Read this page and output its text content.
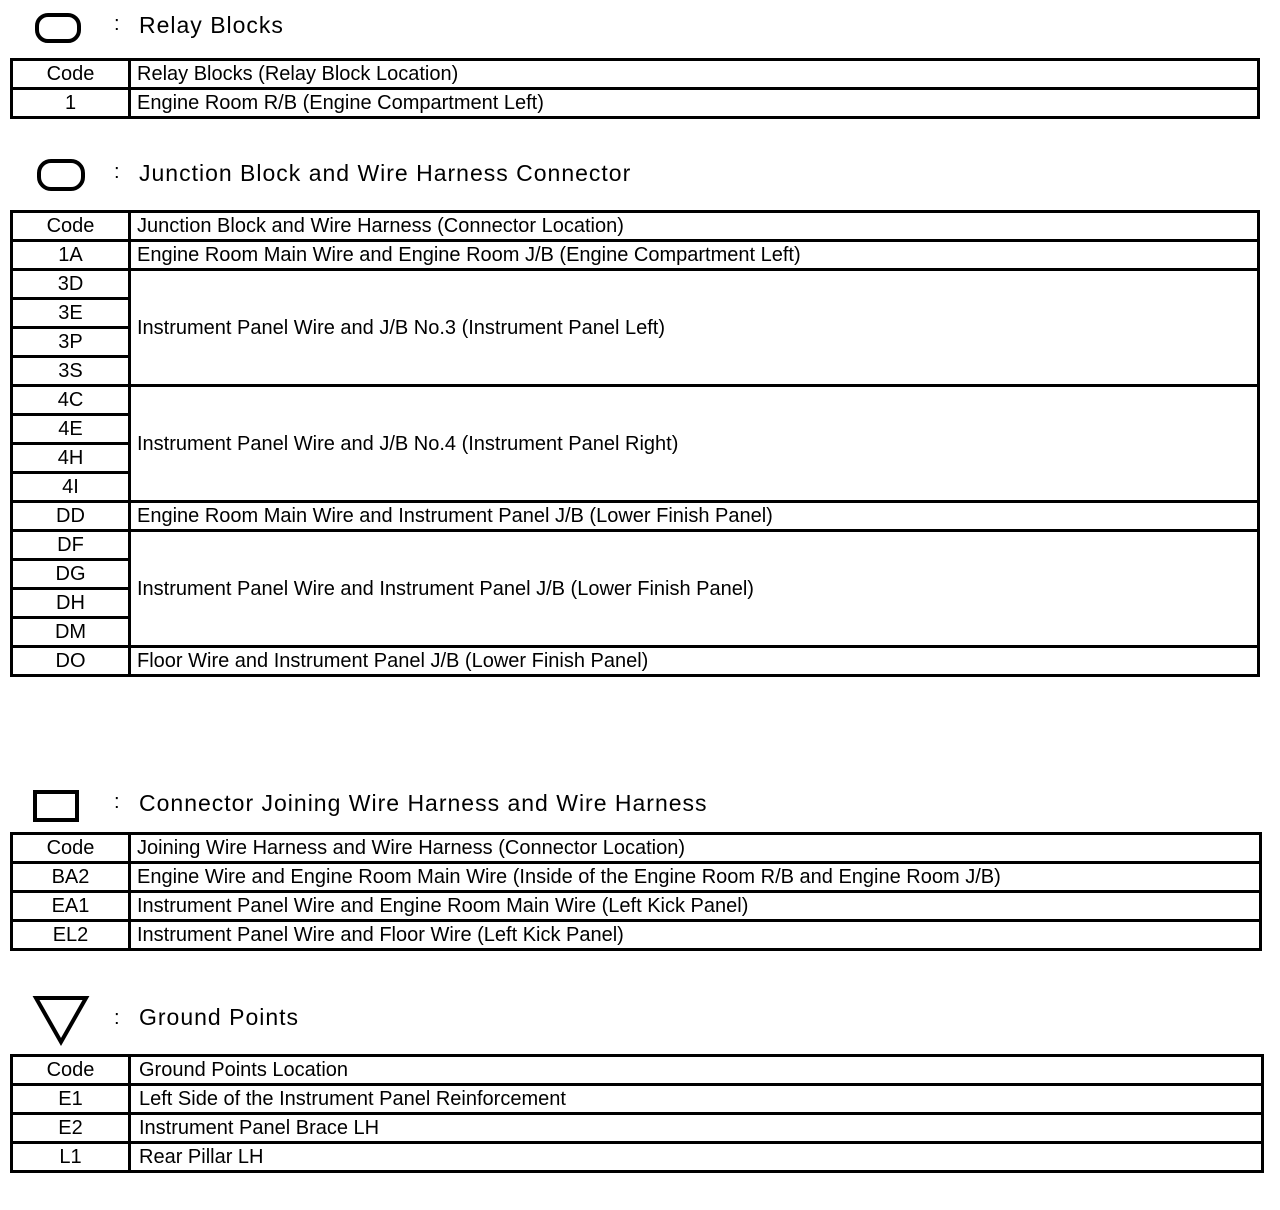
: Relay Blocks
Code	Relay Blocks (Relay Block Location)
1	Engine Room R/B (Engine Compartment Left)
: Junction Block and Wire Harness Connector
Code	Junction Block and Wire Harness (Connector Location)
1A	Engine Room Main Wire and Engine Room J/B (Engine Compartment Left)
3D	Instrument Panel Wire and J/B No.3 (Instrument Panel Left)
3E	
3P	
3S	
4C	Instrument Panel Wire and J/B No.4 (Instrument Panel Right)
4E	
4H	
4I	
DD	Engine Room Main Wire and Instrument Panel J/B (Lower Finish Panel)
DF	Instrument Panel Wire and Instrument Panel J/B (Lower Finish Panel)
DG	
DH	
DM	
DO	Floor Wire and Instrument Panel J/B (Lower Finish Panel)
: Connector Joining Wire Harness and Wire Harness
Code	Joining Wire Harness and Wire Harness (Connector Location)
BA2	Engine Wire and Engine Room Main Wire (Inside of the Engine Room R/B and Engine Room J/B)
EA1	Instrument Panel Wire and Engine Room Main Wire (Left Kick Panel)
EL2	Instrument Panel Wire and Floor Wire (Left Kick Panel)
: Ground Points
Code	Ground Points Location
E1	Left Side of the Instrument Panel Reinforcement
E2	Instrument Panel Brace LH
L1	Rear Pillar LH
